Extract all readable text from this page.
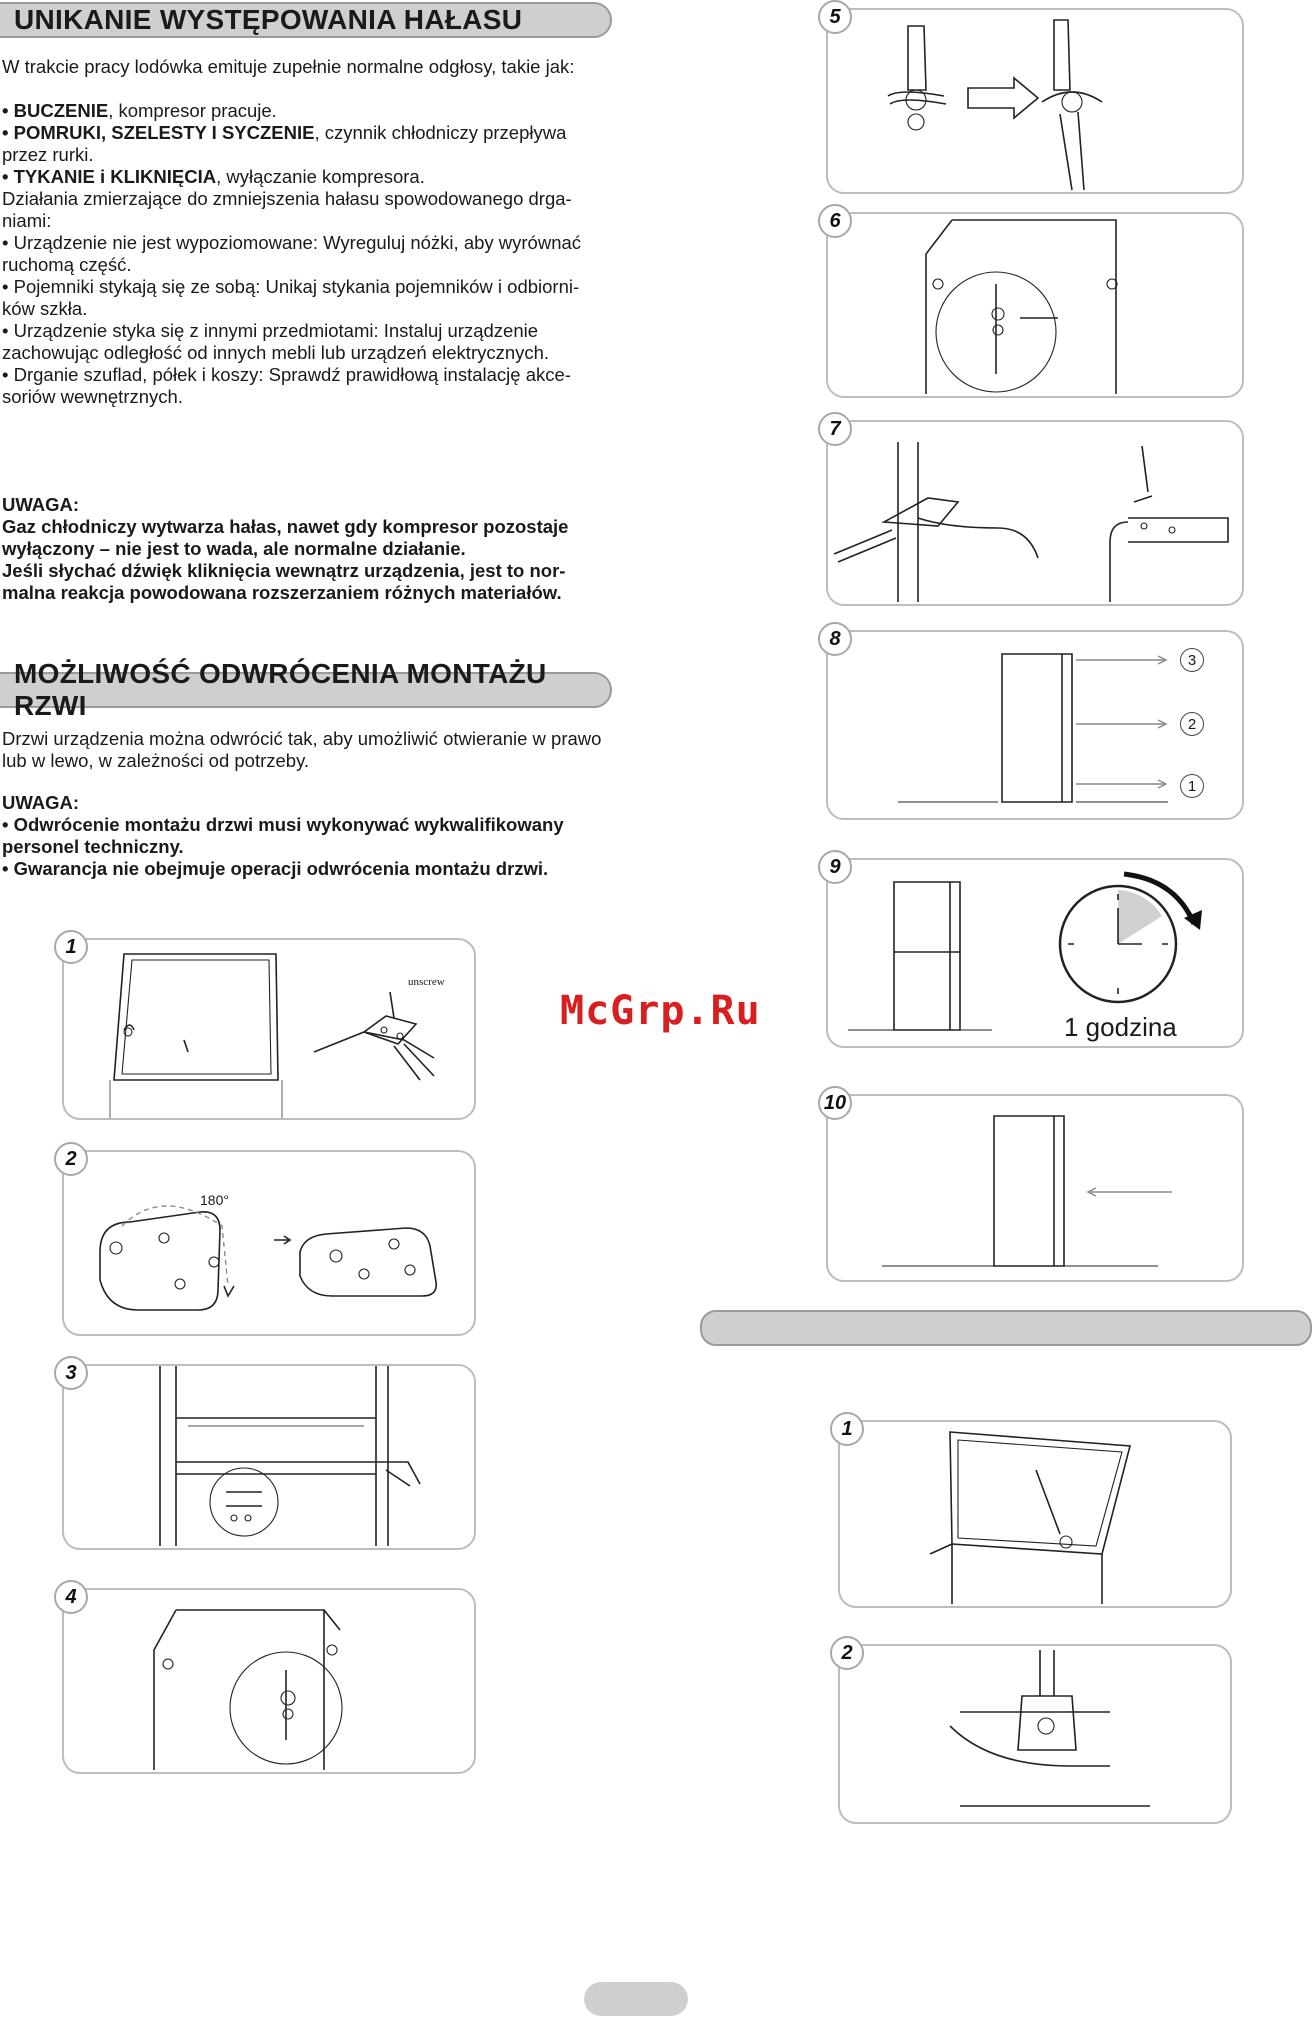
UNIKANIE WYSTĘPOWANIA HAŁASU

W trakcie pracy lodówka emituje zupełnie normalne odgłosy, takie jak:

• BUCZENIE, kompresor pracuje.

• POMRUKI, SZELESTY I SYCZENIE, czynnik chłodniczy przepływa przez rurki.

• TYKANIE i KLIKNIĘCIA, wyłączanie kompresora.

Działania zmierzające do zmniejszenia hałasu spowodowanego drga- niami:

• Urządzenie nie jest wypoziomowane: Wyreguluj nóżki, aby wyrównać ruchomą część.

• Pojemniki stykają się ze sobą: Unikaj stykania pojemników i odbiorni- ków szkła.

• Urządzenie styka się z innymi przedmiotami: Instaluj urządzenie zachowując odległość od innych mebli lub urządzeń elektrycznych.

• Drganie szuflad, półek i koszy: Sprawdź prawidłową instalację akce- soriów wewnętrznych.

UWAGA:

Gaz chłodniczy wytwarza hałas, nawet gdy kompresor pozostaje wyłączony – nie jest to wada, ale normalne działanie.

Jeśli słychać dźwięk kliknięcia wewnątrz urządzenia, jest to nor- malna reakcja powodowana rozszerzaniem różnych materiałów.

MOŻLIWOŚĆ ODWRÓCENIA MONTAŻU RZWI

Drzwi urządzenia można odwrócić tak, aby umożliwić otwieranie w prawo lub w lewo, w zależności od potrzeby.

UWAGA:

• Odwrócenie montażu drzwi musi wykonywać wykwalifikowany personel techniczny.

• Gwarancja nie obejmuje operacji odwrócenia montażu drzwi.

1
unscrew
2
180°
3
4
McGrp.Ru
5
6
7
8
3
2
1
9
1 godzina
10
1
2
